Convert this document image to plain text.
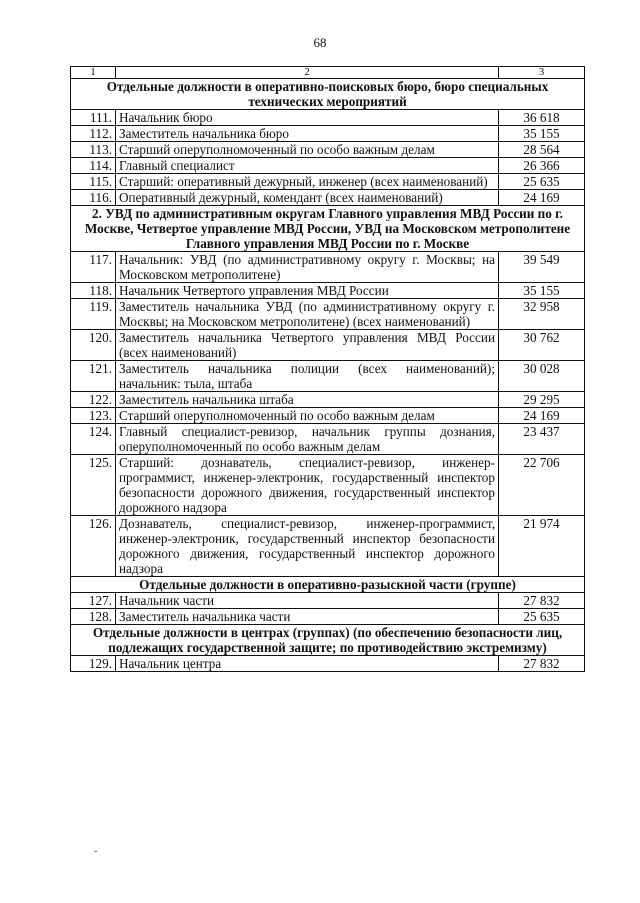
68
1	2	3
Отдельные должности в оперативно-поисковых бюро, бюро специальных технических мероприятий		
111.	Начальник бюро	36 618
112.	Заместитель начальника бюро	35 155
113.	Старший оперуполномоченный по особо важным делам	28 564
114.	Главный специалист	26 366
115.	Старший: оперативный дежурный, инженер (всех наименований)	25 635
116.	Оперативный дежурный, комендант (всех наименований)	24 169
2. УВД по административным округам Главного управления МВД России по г. Москве, Четвертое управление МВД России, УВД на Московском метрополитене Главного управления МВД России по г. Москве		
117.	Начальник: УВД (по административному округу г. Москвы; на Московском метрополитене)	39 549
118.	Начальник Четвертого управления МВД России	35 155
119.	Заместитель начальника УВД (по административному округу г. Москвы; на Московском метрополитене) (всех наименований)	32 958
120.	Заместитель начальника Четвертого управления МВД России (всех наименований)	30 762
121.	Заместитель начальника полиции (всех наименований); начальник: тыла, штаба	30 028
122.	Заместитель начальника штаба	29 295
123.	Старший оперуполномоченный по особо важным делам	24 169
124.	Главный специалист-ревизор, начальник группы дознания, оперуполномоченный по особо важным делам	23 437
125.	Старший: дознаватель, специалист-ревизор, инженер-программист, инженер-электроник, государственный инспектор безопасности дорожного движения, государственный инспектор дорожного надзора	22 706
126.	Дознаватель, специалист-ревизор, инженер-программист, инженер-электроник, государственный инспектор безопасности дорожного движения, государственный инспектор дорожного надзора	21 974
Отдельные должности в оперативно-разыскной части (группе)		
127.	Начальник части	27 832
128.	Заместитель начальника части	25 635
Отдельные должности в центрах (группах) (по обеспечению безопасности лиц, подлежащих государственной защите; по противодействию экстремизму)		
129.	Начальник центра	27 832
˘
